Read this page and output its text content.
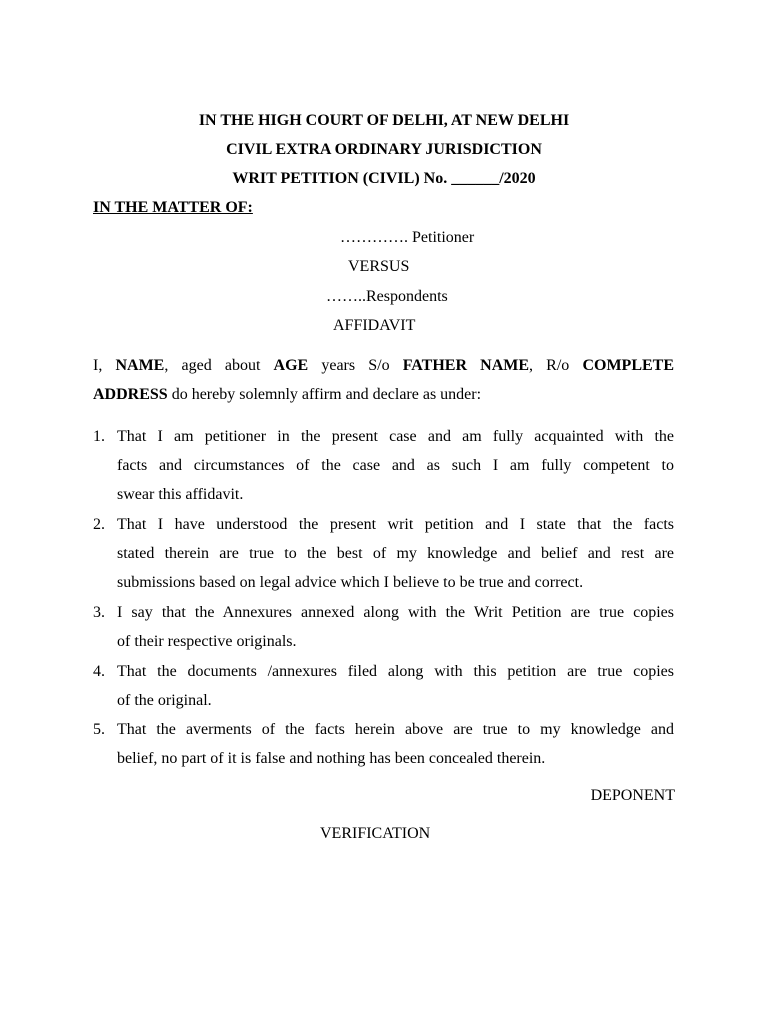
IN THE HIGH COURT OF DELHI, AT NEW DELHI
CIVIL EXTRA ORDINARY JURISDICTION
WRIT PETITION (CIVIL) No. ______/2020
IN THE MATTER OF:
…………. Petitioner
VERSUS
……..Respondents
AFFIDAVIT
I, NAME, aged about AGE years S/o FATHER NAME, R/o COMPLETE
ADDRESS do hereby solemnly affirm and declare as under:
1. That I am petitioner in the present case and am fully acquainted with the
facts and circumstances of the case and as such I am fully competent to
swear this affidavit.
2. That I have understood the present writ petition and I state that the facts
stated therein are true to the best of my knowledge and belief and rest are
submissions based on legal advice which I believe to be true and correct.
3. I say that the Annexures annexed along with the Writ Petition are true copies
of their respective originals.
4. That the documents /annexures filed along with this petition are true copies
of the original.
5. That the averments of the facts herein above are true to my knowledge and
belief, no part of it is false and nothing has been concealed therein.
DEPONENT
VERIFICATION
